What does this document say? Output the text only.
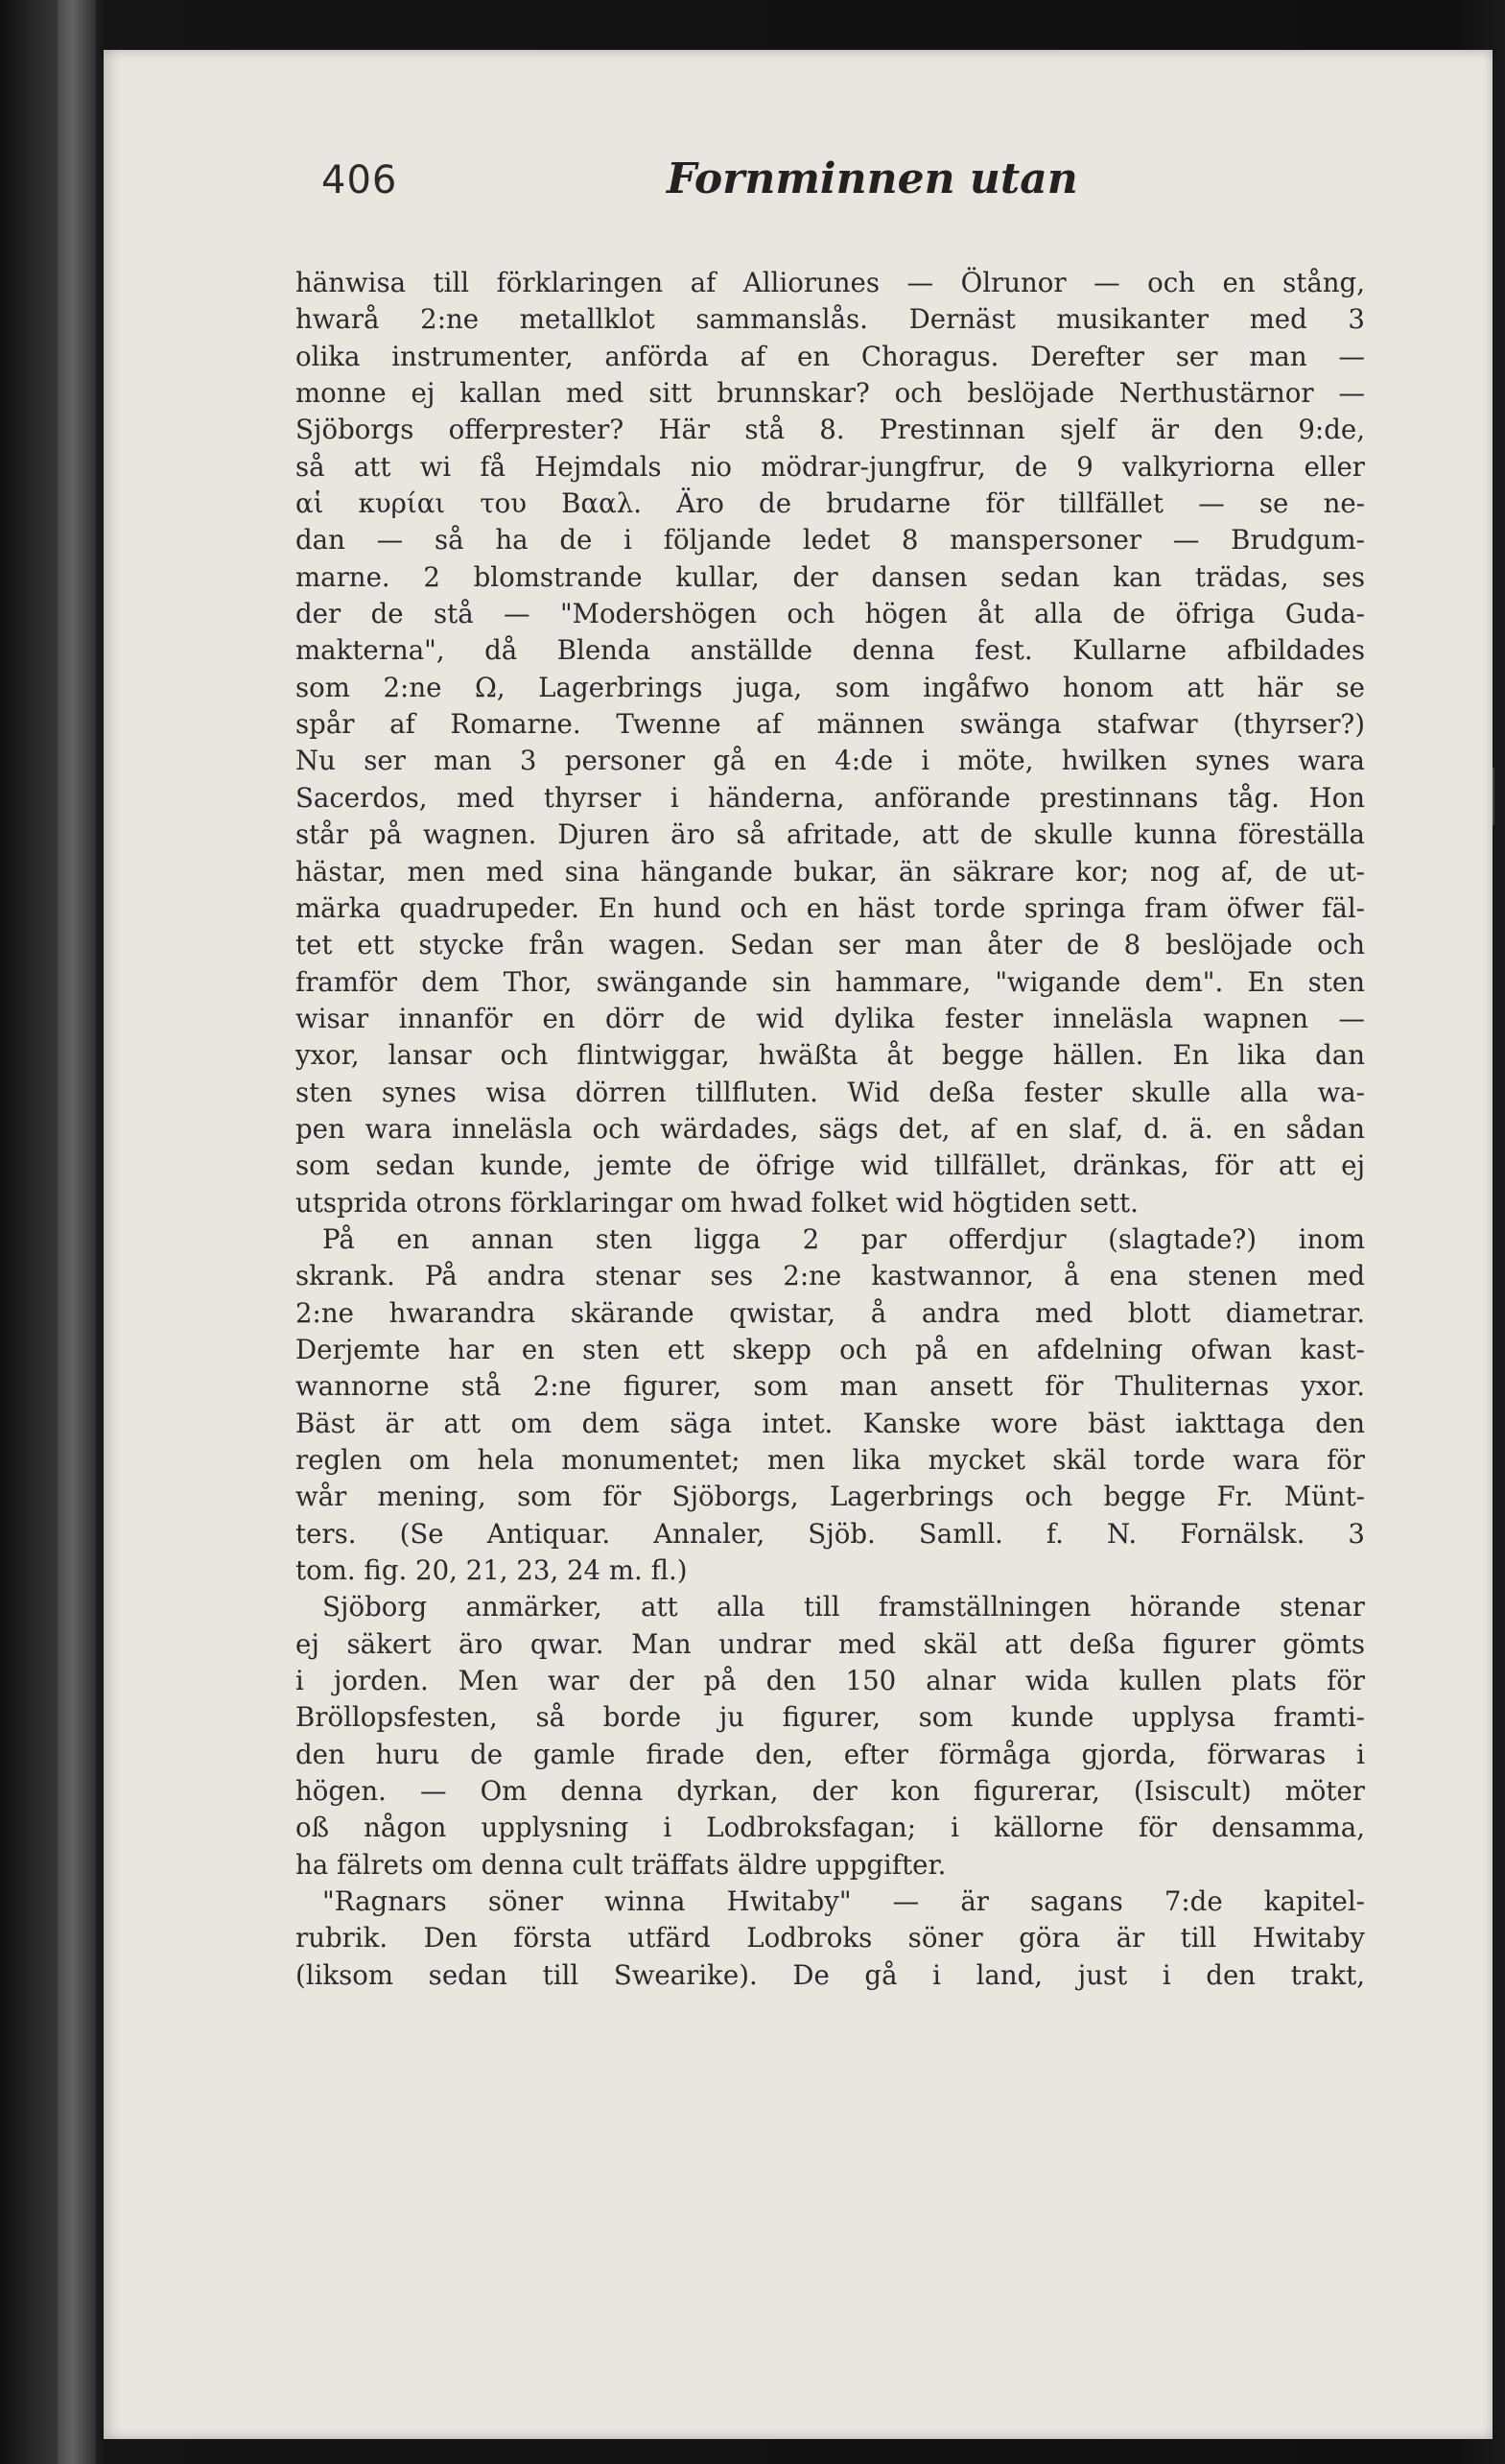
406	Fornminnen utan
hänwisa till förklaringen af Alliorunes — Ölrunor — och en stång,
hwarå 2:ne metallklot sammanslås. Dernäst musikanter med 3
olika instrumenter, anförda af en Choragus. Derefter ser man —
monne ej kallan med sitt brunnskar? och beslöjade Nerthustärnor —
Sjöborgs offerprester? Här stå 8. Prestinnan sjelf är den 9:de,
så att wi få Hejmdals nio mödrar-jungfrur, de 9 valkyriorna eller
αἱ κυρίαι του Βααλ. Äro de brudarne för tillfället — se ne-
dan — så ha de i följande ledet 8 manspersoner — Brudgum-
marne. 2 blomstrande kullar, der dansen sedan kan trädas, ses
der de stå — "Modershögen och högen åt alla de öfriga Guda-
makterna", då Blenda anställde denna fest. Kullarne afbildades
som 2:ne Ω, Lagerbrings juga, som ingåfwo honom att här se
spår af Romarne. Twenne af männen swänga stafwar (thyrser?)
Nu ser man 3 personer gå en 4:de i möte, hwilken synes wara
Sacerdos, med thyrser i händerna, anförande prestinnans tåg. Hon
står på wagnen. Djuren äro så afritade, att de skulle kunna föreställa
hästar, men med sina hängande bukar, än säkrare kor; nog af, de ut-
märka quadrupeder. En hund och en häst torde springa fram öfwer fäl-
tet ett stycke från wagen. Sedan ser man åter de 8 beslöjade och
framför dem Thor, swängande sin hammare, "wigande dem". En sten
wisar innanför en dörr de wid dylika fester inneläsla wapnen —
yxor, lansar och flintwiggar, hwäßta åt begge hällen. En lika dan
sten synes wisa dörren tillfluten. Wid deßa fester skulle alla wa-
pen wara inneläsla och wärdades, sägs det, af en slaf, d. ä. en sådan
som sedan kunde, jemte de öfrige wid tillfället, dränkas, för att ej
utsprida otrons förklaringar om hwad folket wid högtiden sett.
På en annan sten ligga 2 par offerdjur (slagtade?) inom
skrank. På andra stenar ses 2:ne kastwannor, å ena stenen med
2:ne hwarandra skärande qwistar, å andra med blott diametrar.
Derjemte har en sten ett skepp och på en afdelning ofwan kast-
wannorne stå 2:ne figurer, som man ansett för Thuliternas yxor.
Bäst är att om dem säga intet. Kanske wore bäst iakttaga den
reglen om hela monumentet; men lika mycket skäl torde wara för
wår mening, som för Sjöborgs, Lagerbrings och begge Fr. Münt-
ters. (Se Antiquar. Annaler, Sjöb. Samll. f. N. Fornälsk. 3
tom. fig. 20, 21, 23, 24 m. fl.)
Sjöborg anmärker, att alla till framställningen hörande stenar
ej säkert äro qwar. Man undrar med skäl att deßa figurer gömts
i jorden. Men war der på den 150 alnar wida kullen plats för
Bröllopsfesten, så borde ju figurer, som kunde upplysa framti-
den huru de gamle firade den, efter förmåga gjorda, förwaras i
högen. — Om denna dyrkan, der kon figurerar, (Isiscult) möter
oß någon upplysning i Lodbroksfagan; i källorne för densamma,
ha fälrets om denna cult träffats äldre uppgifter.
"Ragnars söner winna Hwitaby" — är sagans 7:de kapitel-
rubrik. Den första utfärd Lodbroks söner göra är till Hwitaby
(liksom sedan till Swearike). De gå i land, just i den trakt,
